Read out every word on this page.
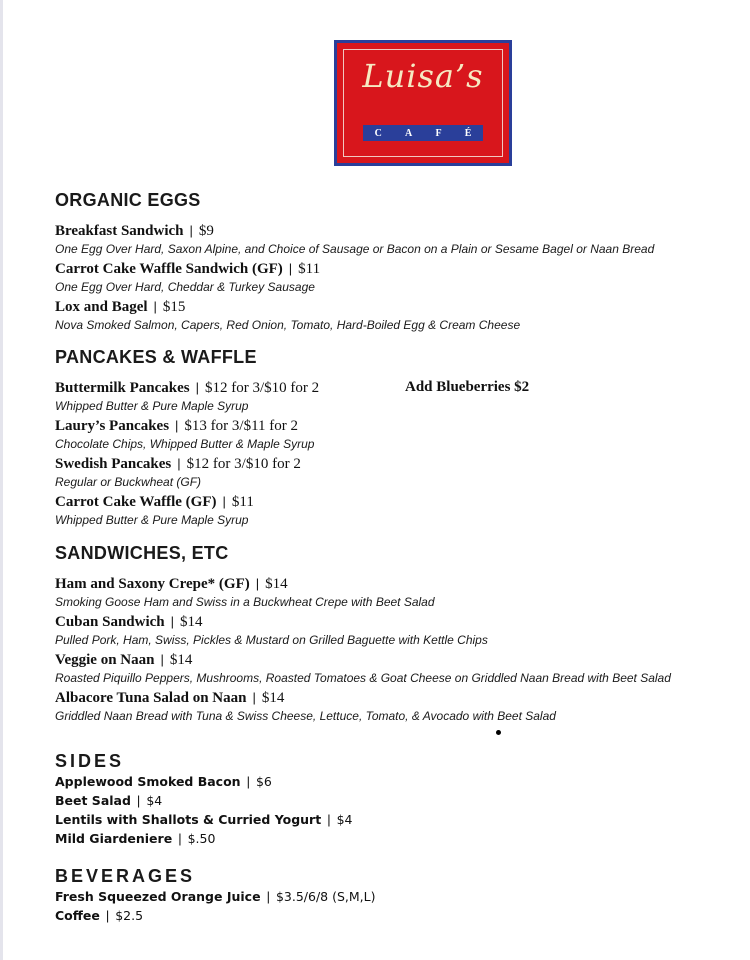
Luisa’s
C A F É
ORGANIC EGGS
Breakfast Sandwich | $9
One Egg Over Hard, Saxon Alpine, and Choice of Sausage or Bacon on a Plain or Sesame Bagel or Naan Bread
Carrot Cake Waffle Sandwich (GF) | $11
One Egg Over Hard, Cheddar & Turkey Sausage
Lox and Bagel | $15
Nova Smoked Salmon, Capers, Red Onion, Tomato, Hard-Boiled Egg & Cream Cheese
PANCAKES & WAFFLE
Buttermilk Pancakes | $12 for 3/$10 for 2	Add Blueberries $2
Whipped Butter & Pure Maple Syrup
Laury’s Pancakes | $13 for 3/$11 for 2
Chocolate Chips, Whipped Butter & Maple Syrup
Swedish Pancakes | $12 for 3/$10 for 2
Regular or Buckwheat (GF)
Carrot Cake Waffle (GF) | $11
Whipped Butter & Pure Maple Syrup
SANDWICHES, ETC
Ham and Saxony Crepe* (GF) | $14
Smoking Goose Ham and Swiss in a Buckwheat Crepe with Beet Salad
Cuban Sandwich | $14
Pulled Pork, Ham, Swiss, Pickles & Mustard on Grilled Baguette with Kettle Chips
Veggie on Naan | $14
Roasted Piquillo Peppers, Mushrooms, Roasted Tomatoes & Goat Cheese on Griddled Naan Bread with Beet Salad
Albacore Tuna Salad on Naan | $14
Griddled Naan Bread with Tuna & Swiss Cheese, Lettuce, Tomato, & Avocado with Beet Salad
SIDES
Applewood Smoked Bacon | $6
Beet Salad | $4
Lentils with Shallots & Curried Yogurt | $4
Mild Giardeniere | $.50
BEVERAGES
Fresh Squeezed Orange Juice | $3.5/6/8 (S,M,L)
Coffee | $2.5
